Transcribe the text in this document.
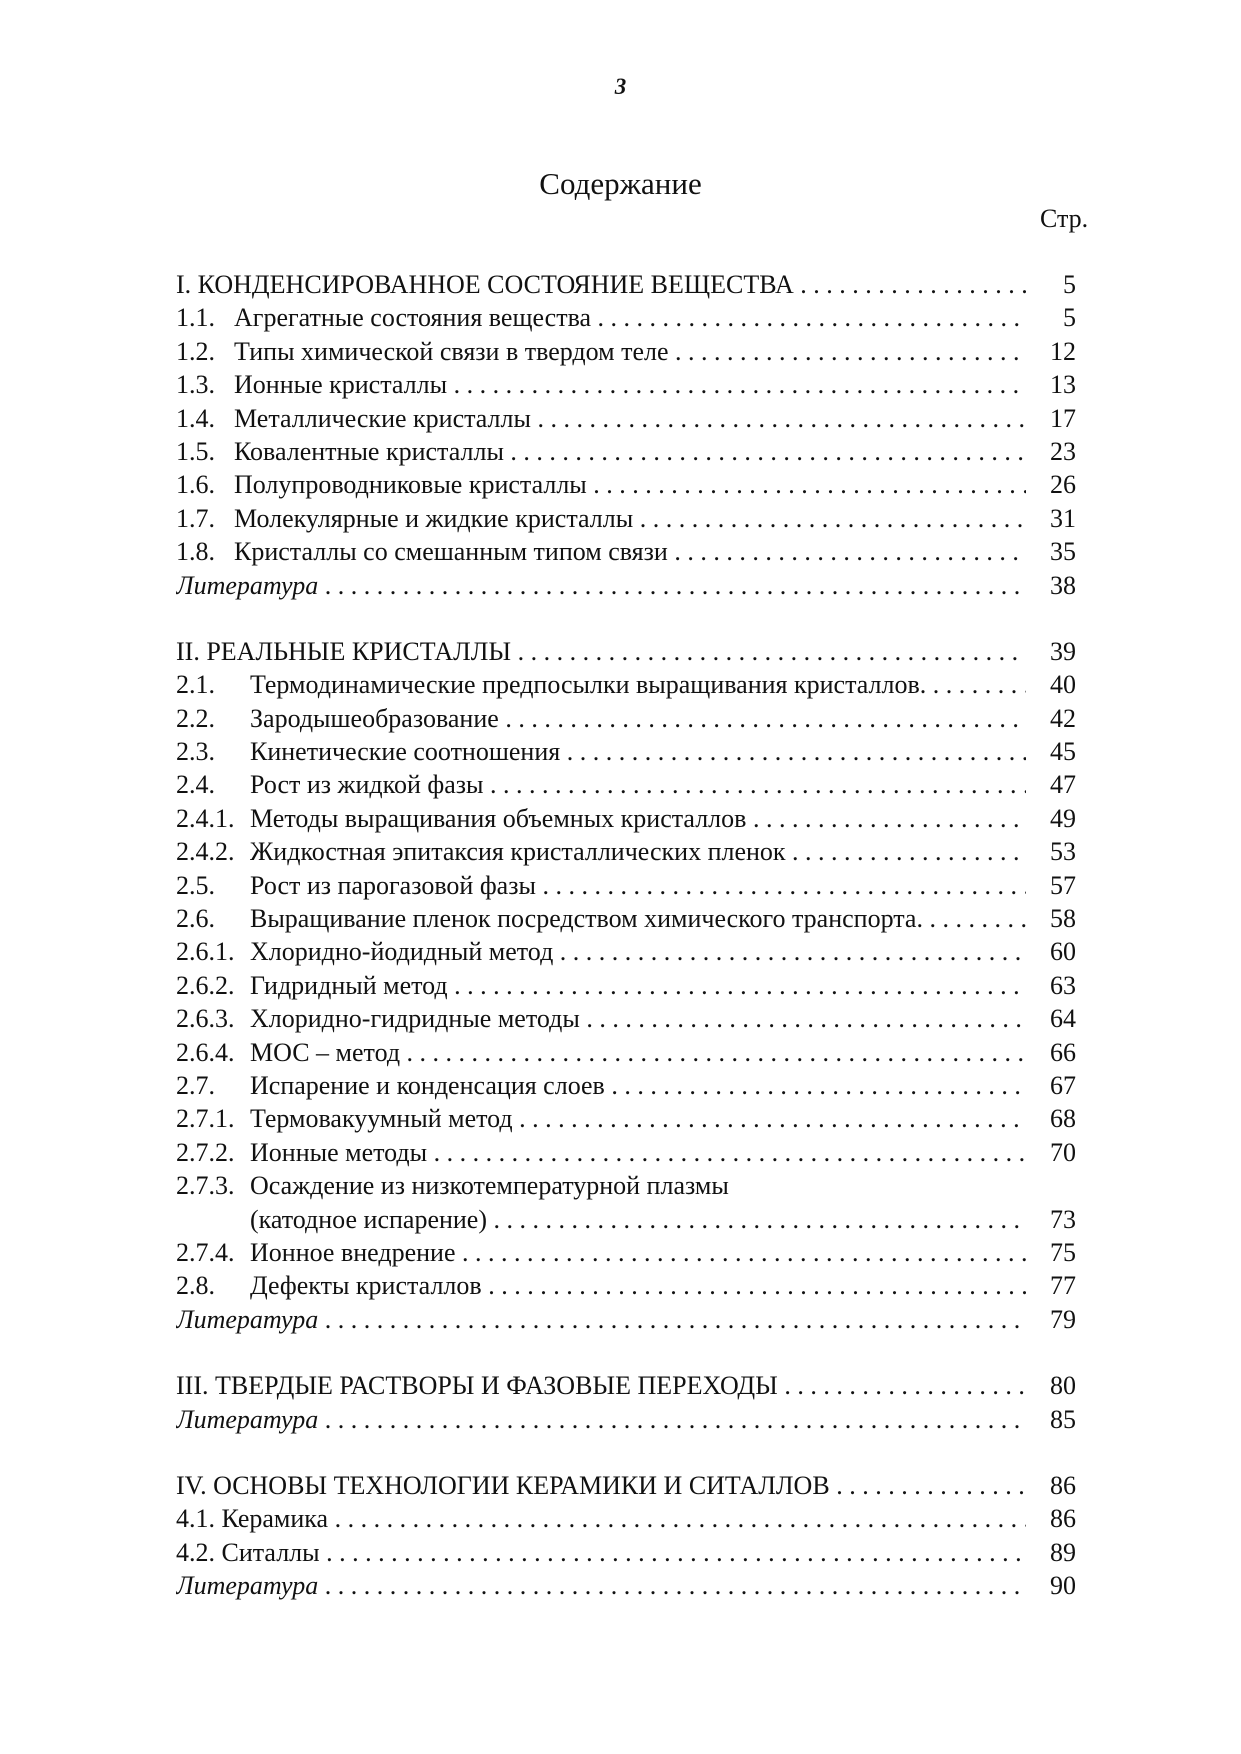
3
Содержание
Стр.
I. КОНДЕНСИРОВАННОЕ СОСТОЯНИЕ ВЕЩЕСТВА . . .	5
1.1. Агрегатные состояния вещества . . .	5
1.2. Типы химической связи в твердом теле . . .	12
1.3. Ионные кристаллы . . .	13
1.4. Металлические кристаллы . . .	17
1.5. Ковалентные кристаллы . . .	23
1.6. Полупроводниковые кристаллы . . .	26
1.7. Молекулярные и жидкие кристаллы . . .	31
1.8. Кристаллы со смешанным типом связи . . .	35
Литература . . .	38
II. РЕАЛЬНЫЕ КРИСТАЛЛЫ . . .	39
2.1. Термодинамические предпосылки выращивания кристаллов. . . .	40
2.2. Зародышеобразование . . .	42
2.3. Кинетические соотношения . . .	45
2.4. Рост из жидкой фазы . . .	47
2.4.1. Методы выращивания объемных кристаллов . . .	49
2.4.2. Жидкостная эпитаксия кристаллических пленок . . .	53
2.5. Рост из парогазовой фазы . . .	57
2.6. Выращивание пленок посредством химического транспорта. . . .	58
2.6.1. Хлоридно-йодидный метод . . .	60
2.6.2. Гидридный метод . . .	63
2.6.3. Хлоридно-гидридные методы . . .	64
2.6.4. МОС – метод . . .	66
2.7. Испарение и конденсация слоев . . .	67
2.7.1. Термовакуумный метод . . .	68
2.7.2. Ионные методы . . .	70
2.7.3. Осаждение из низкотемпературной плазмы
(катодное испарение) . . .	73
2.7.4. Ионное внедрение . . .	75
2.8. Дефекты кристаллов . . .	77
Литература . . .	79
III. ТВЕРДЫЕ РАСТВОРЫ И ФАЗОВЫЕ ПЕРЕХОДЫ . . .	80
Литература . . .	85
IV. ОСНОВЫ ТЕХНОЛОГИИ КЕРАМИКИ И СИТАЛЛОВ . . .	86
4.1. Керамика . . .	86
4.2. Ситаллы . . .	89
Литература . . .	90
